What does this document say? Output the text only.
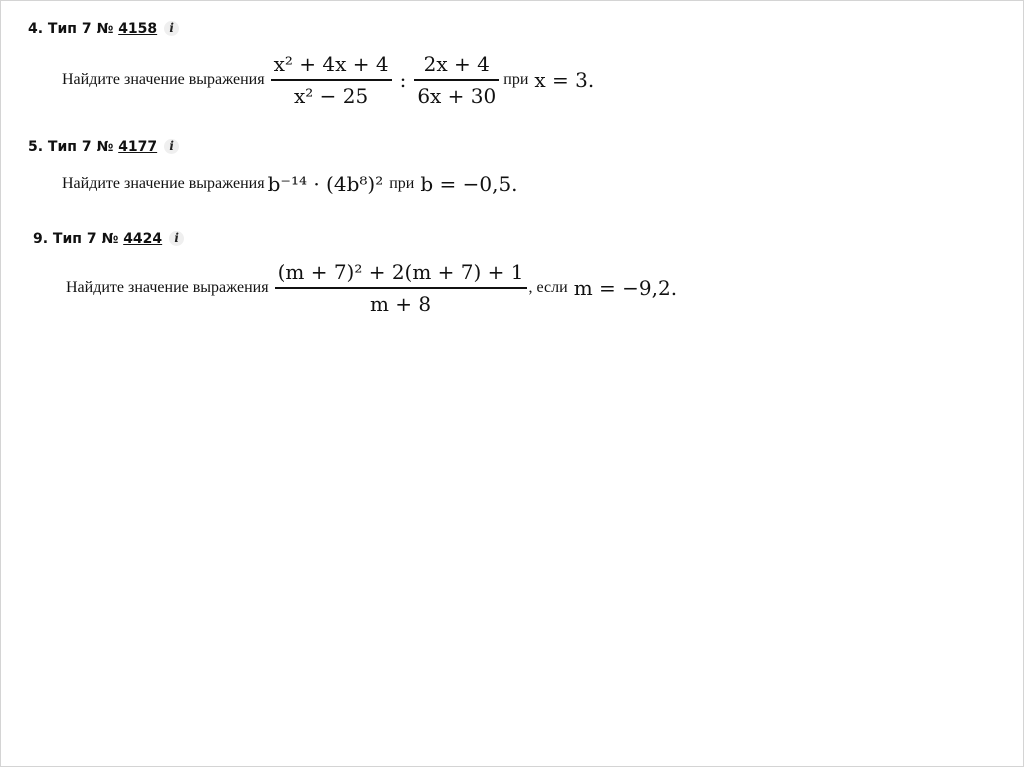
4. Тип 7 № 4158 i
Найдите значение выражения $\frac{\text{x² + 4x + 4}}{\text{x² − 25}}$ : $\frac{2x + 4}{6x + 30}$ при x = 3.
5. Тип 7 № 4177 i
Найдите значение выражения b⁻¹⁴ · (4b⁸)² при b = −0,5.
9. Тип 7 № 4424 i
Найдите значение выражения $\frac{\text{(m + 7)² + 2(m + 7) + 1}}{m + 8}$ , если m = −9,2.
